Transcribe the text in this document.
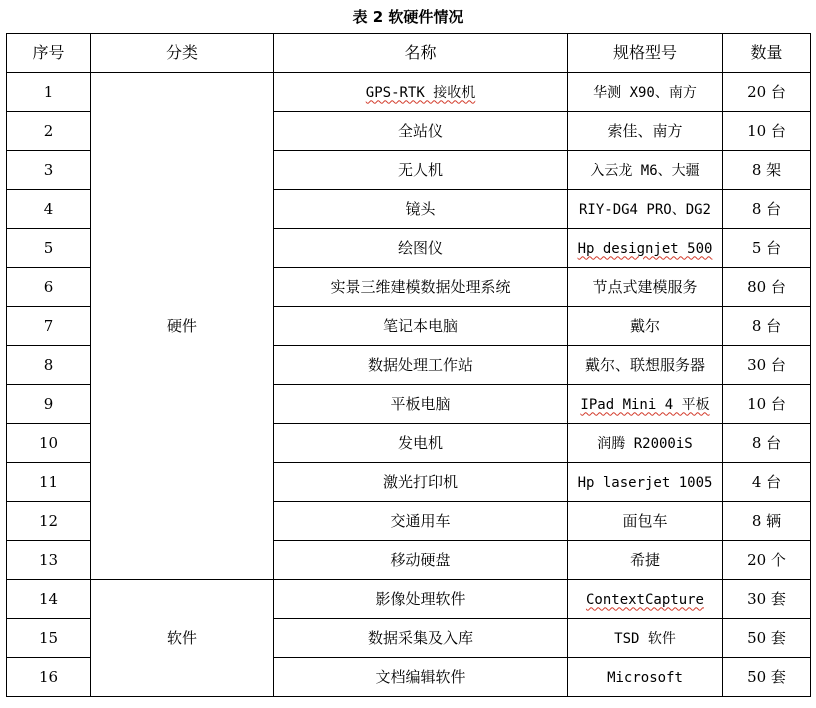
表 2 软硬件情况
序号	分类	名称	规格型号	数量
1	硬件	GPS-RTK 接收机	华测 X90、南方	20 台
2		全站仪	索佳、南方	10 台
3		无人机	入云龙 M6、大疆	8 架
4		镜头	RIY-DG4 PRO、DG2	8 台
5		绘图仪	Hp designjet 500	5 台
6		实景三维建模数据处理系统	节点式建模服务	80 台
7		笔记本电脑	戴尔	8 台
8		数据处理工作站	戴尔、联想服务器	30 台
9		平板电脑	IPad Mini 4 平板	10 台
10		发电机	润腾 R2000iS	8 台
11		激光打印机	Hp laserjet 1005	4 台
12		交通用车	面包车	8 辆
13		移动硬盘	希捷	20 个
14	软件	影像处理软件	ContextCapture	30 套
15		数据采集及入库	TSD 软件	50 套
16		文档编辑软件	Microsoft	50 套
